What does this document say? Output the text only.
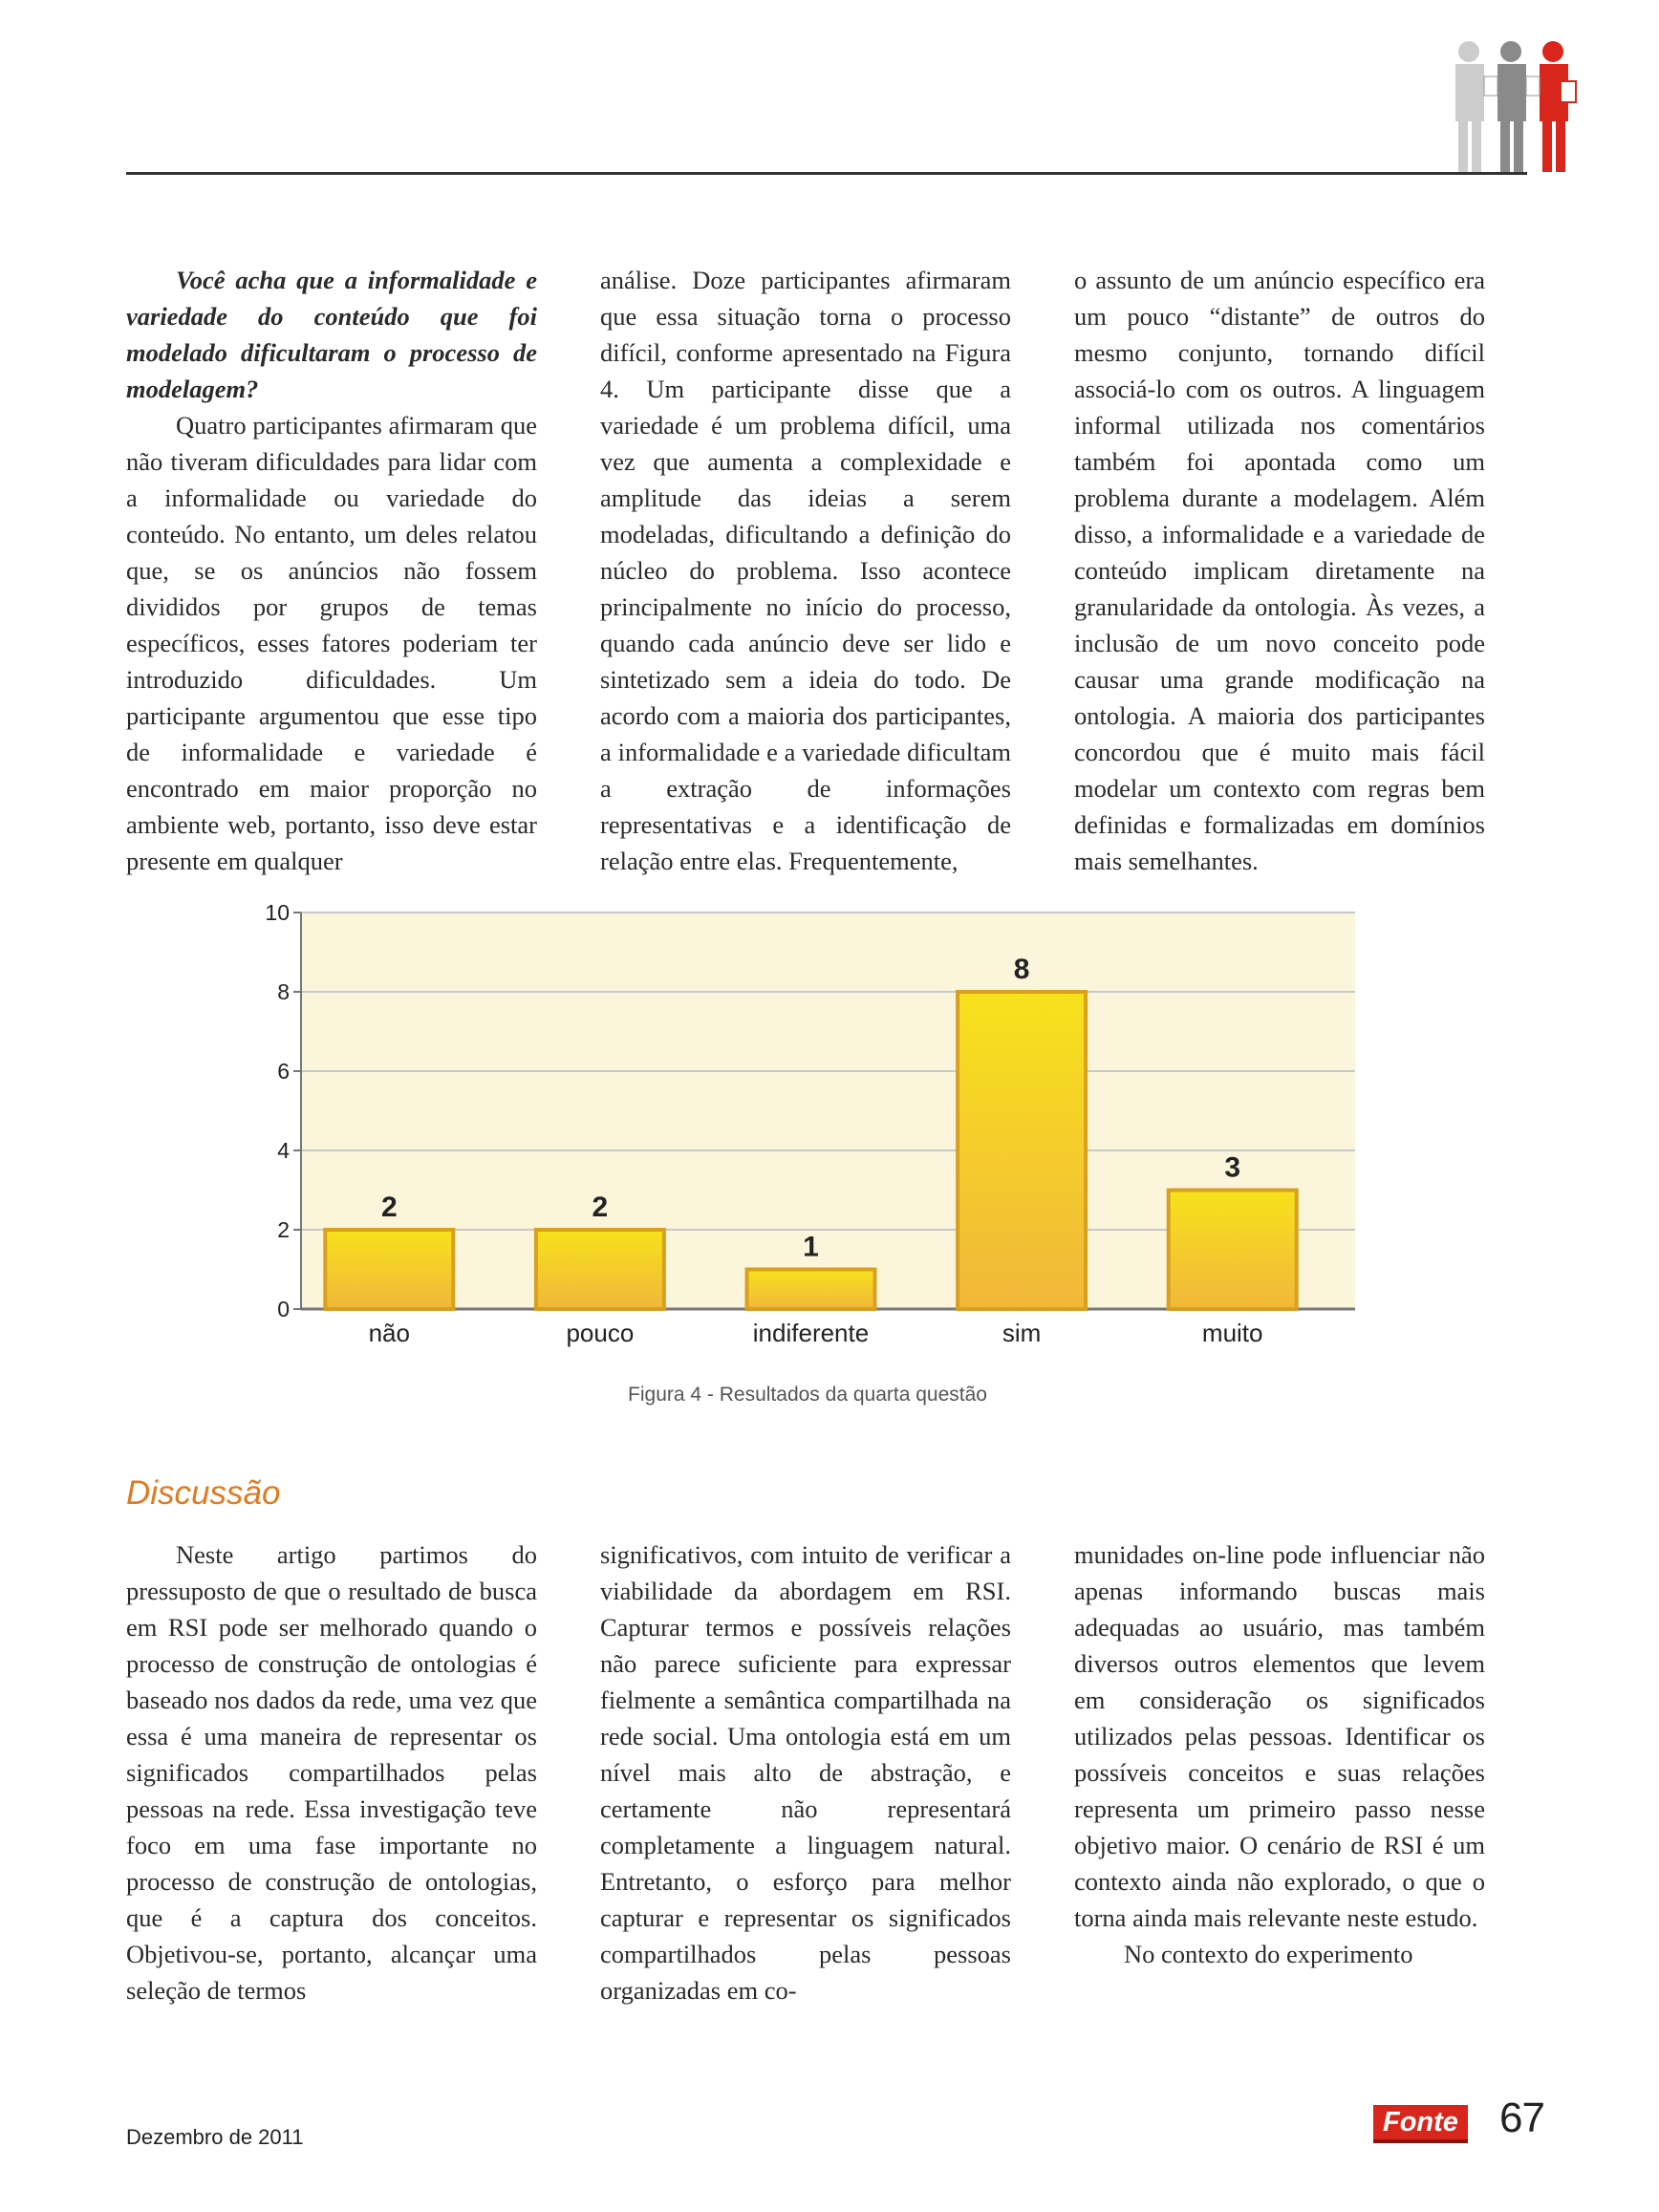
Você acha que a informalidade e variedade do conteúdo que foi modelado dificultaram o processo de modelagem?

Quatro participantes afirmaram que não tiveram dificuldades para lidar com a informalidade ou variedade do conteúdo. No entanto, um deles relatou que, se os anúncios não fossem divididos por grupos de temas específicos, esses fatores poderiam ter introduzido dificuldades. Um participante argumentou que esse tipo de informalidade e variedade é encontrado em maior proporção no ambiente web, portanto, isso deve estar presente em qualquer

análise. Doze participantes afirmaram que essa situação torna o processo difícil, conforme apresentado na Figura 4. Um participante disse que a variedade é um problema difícil, uma vez que aumenta a complexidade e amplitude das ideias a serem modeladas, dificultando a definição do núcleo do problema. Isso acontece principalmente no início do processo, quando cada anúncio deve ser lido e sintetizado sem a ideia do todo. De acordo com a maioria dos participantes, a informalidade e a variedade dificultam a extração de informações representativas e a identificação de relação entre elas. Frequentemente,

o assunto de um anúncio específico era um pouco “distante” de outros do mesmo conjunto, tornando difícil associá-lo com os outros. A linguagem informal utilizada nos comentários também foi apontada como um problema durante a modelagem. Além disso, a informalidade e a variedade de conteúdo implicam diretamente na granularidade da ontologia. Às vezes, a inclusão de um novo conceito pode causar uma grande modificação na ontologia. A maioria dos participantes concordou que é muito mais fácil modelar um contexto com regras bem definidas e formalizadas em domínios mais semelhantes.

0
2
4
6
8
10
2
não
2
pouco
1
indiferente
8
sim
3
muito
Figura 4 - Resultados da quarta questão
Discussão

Neste artigo partimos do pressuposto de que o resultado de busca em RSI pode ser melhorado quando o processo de construção de ontologias é baseado nos dados da rede, uma vez que essa é uma maneira de representar os significados compartilhados pelas pessoas na rede. Essa investigação teve foco em uma fase importante no processo de construção de ontologias, que é a captura dos conceitos. Objetivou-se, portanto, alcançar uma seleção de termos

significativos, com intuito de verificar a viabilidade da abordagem em RSI. Capturar termos e possíveis relações não parece suficiente para expressar fielmente a semântica compartilhada na rede social. Uma ontologia está em um nível mais alto de abstração, e certamente não representará completamente a linguagem natural. Entretanto, o esforço para melhor capturar e representar os significados compartilhados pelas pessoas organizadas em co-

munidades on-line pode influenciar não apenas informando buscas mais adequadas ao usuário, mas também diversos outros elementos que levem em consideração os significados utilizados pelas pessoas. Identificar os possíveis conceitos e suas relações representa um primeiro passo nesse objetivo maior. O cenário de RSI é um contexto ainda não explorado, o que o torna ainda mais relevante neste estudo.

No contexto do experimento

Dezembro de 2011	Fonte 67
